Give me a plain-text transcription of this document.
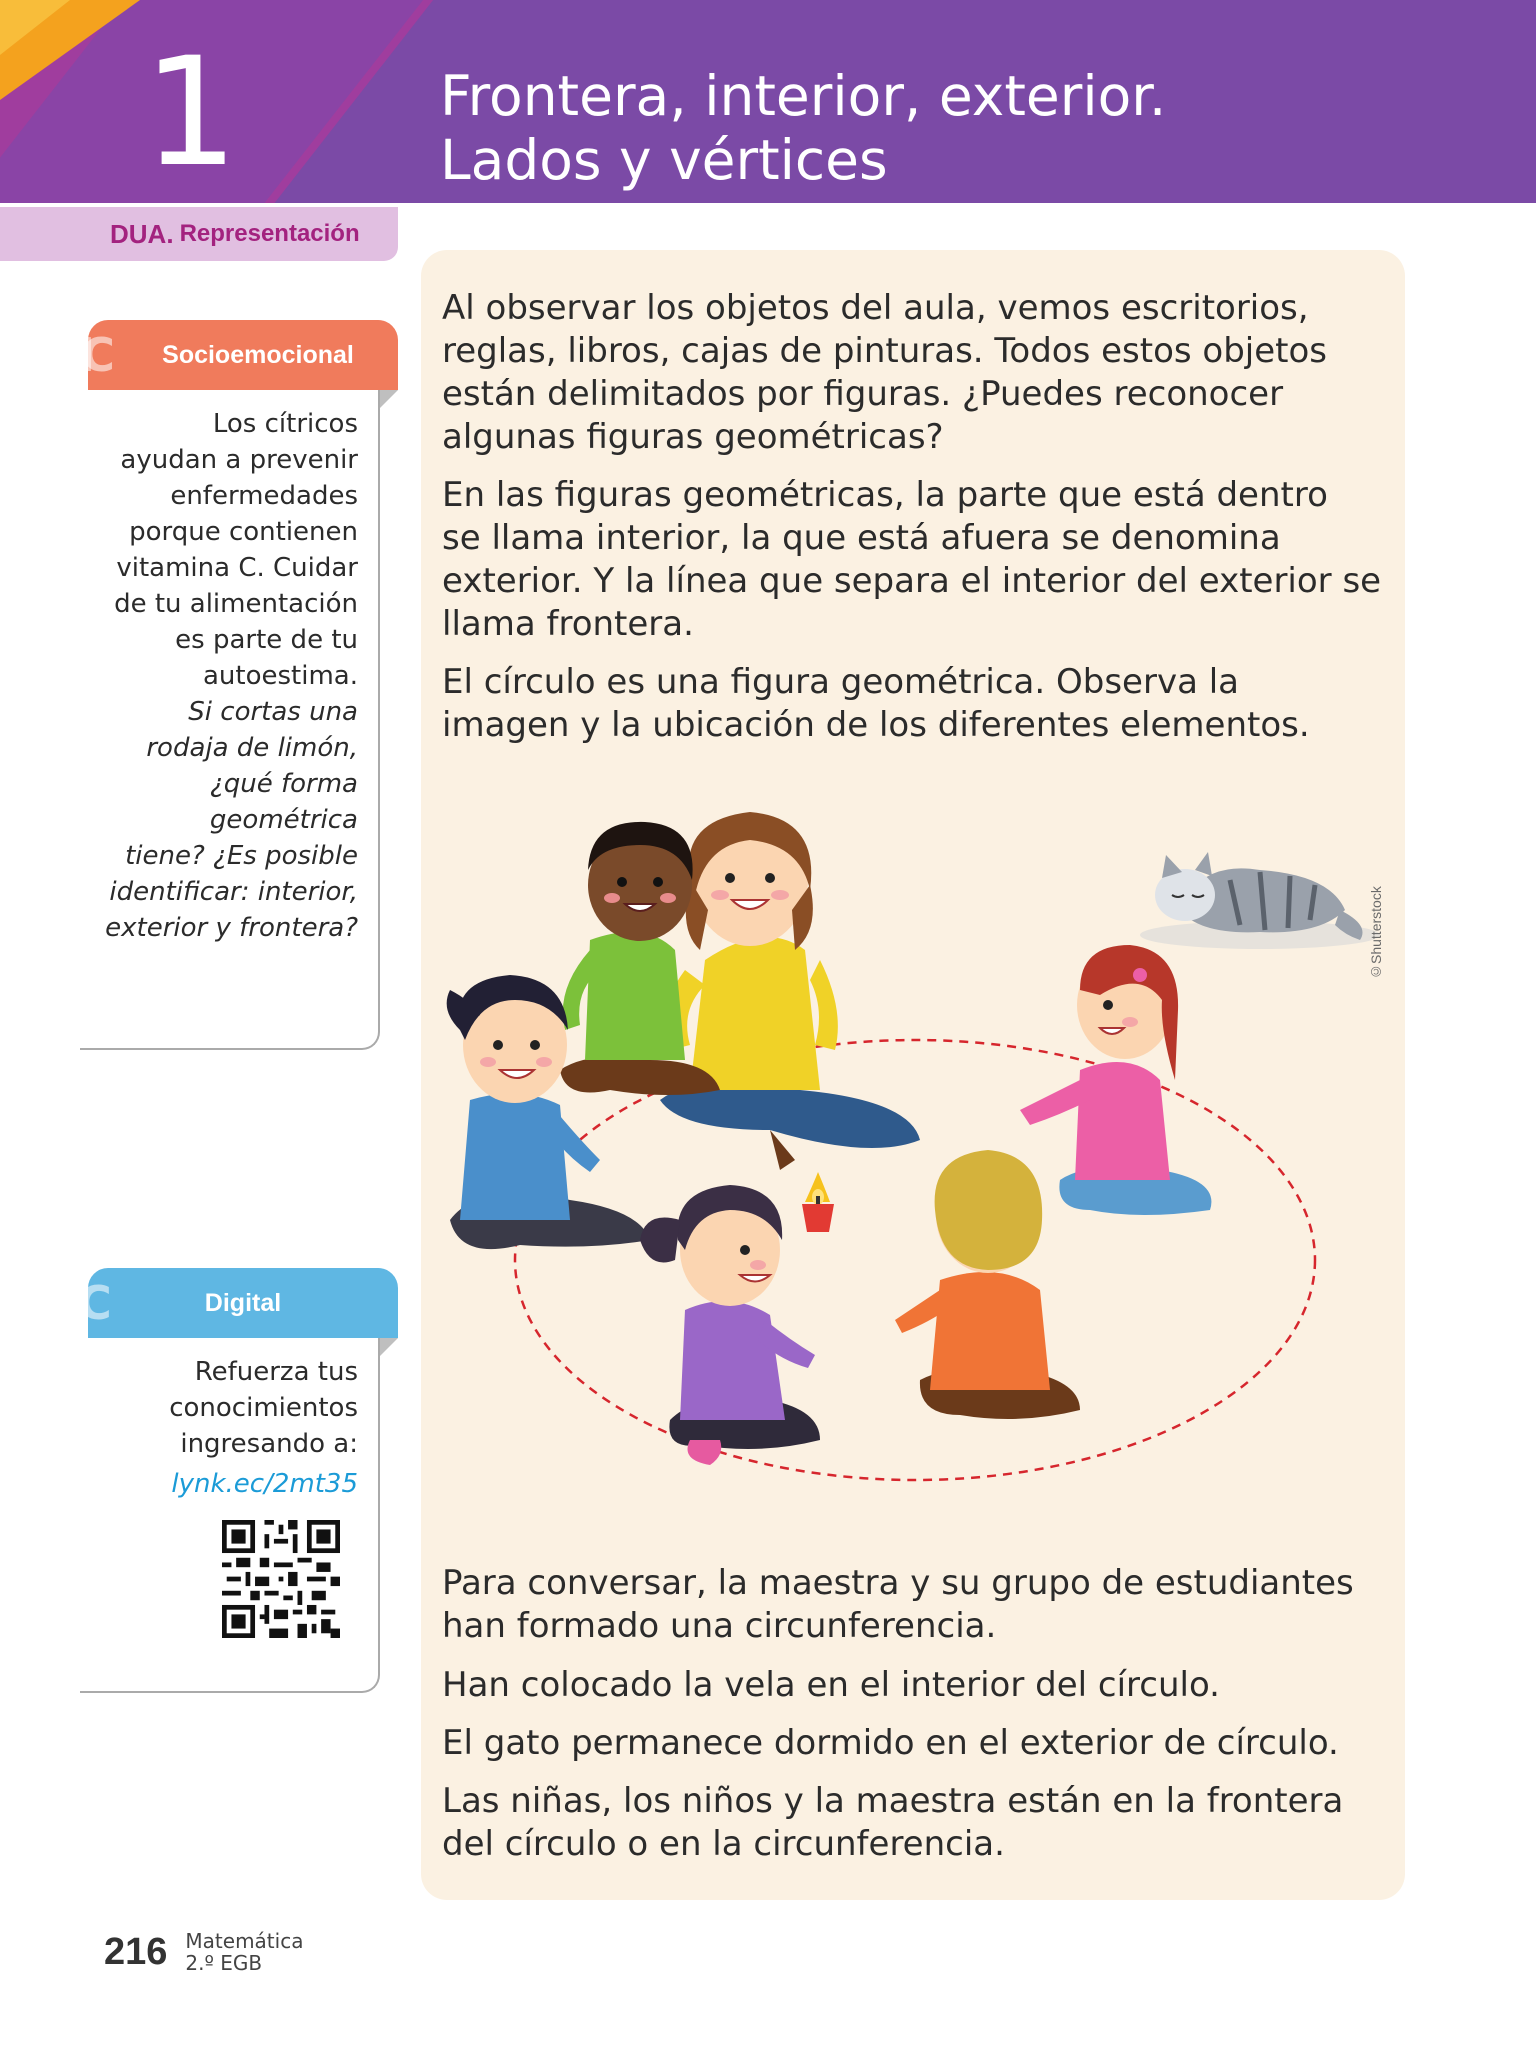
1	Frontera, interior, exterior.
Lados y vértices
DUA. Representación
IC Socioemocional
Los cítricos
ayudan a prevenir
enfermedades
porque contienen
vitamina C. Cuidar
de tu alimentación
es parte de tu
autoestima.
Si cortas una
rodaja de limón,
¿qué forma
geométrica
tiene? ¿Es posible
identificar: interior,
exterior y frontera?
C	Digital
Refuerza tus
conocimientos
ingresando a:
lynk.ec/2mt35
Al observar los objetos del aula, vemos escritorios,
reglas, libros, cajas de pinturas. Todos estos objetos
están delimitados por figuras. ¿Puedes reconocer
algunas figuras geométricas?
En las figuras geométricas, la parte que está dentro
se llama interior, la que está afuera se denomina
exterior. Y la línea que separa el interior del exterior se
llama frontera.
El círculo es una figura geométrica. Observa la
imagen y la ubicación de los diferentes elementos.
©Shutterstock
Para conversar, la maestra y su grupo de estudiantes
han formado una circunferencia.
Han colocado la vela en el interior del círculo.
El gato permanece dormido en el exterior de círculo.
Las niñas, los niños y la maestra están en la frontera
del círculo o en la circunferencia.
216 Matemática
2.º EGB
